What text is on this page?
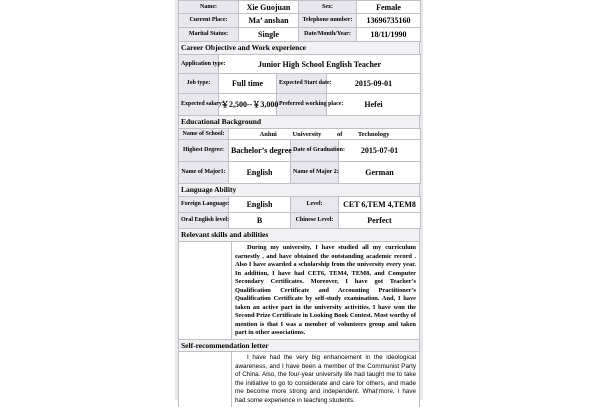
Name:	Xie Guojuan	Sex:	Female
Current Place:	Ma’ anshan	Telephone number:	13696735160
Marital Status:	Single	Date/Month/Year:	18/11/1990
Career Objective and Work experience
Application type:	Junior High School English Teacher		
Job type:	Full time	Expected Start date:	2015-09-01
Expected salary:	￥2,500--￥3,000	Preferred working place:	Hefei
Educational Background
Name of School:	Anhui University of Technology		
Highest Degree:	Bachelor’s degree	Date of Graduation:	2015-07-01
Name of Major1:	English	Name of Major 2:	German
Language Ability
Foreign Language:	English	Level:	CET 6,TEM 4,TEM8
Oral English level:	B	Chinese Level:	Perfect
Relevant skills and abilities
During my university, I have studied all my curriculum earnestly , and have obtained the outstanding academic record . Also I have awarded a scholarship from the university every year. In addition, I have had CET6, TEM4, TEM8, and Computer Secondary Certificates. Moreover, I have got Teacher’s Qualification Certificate and Accounting Practitioner’s Qualification Certificate by self-study examination. And, I have taken an active part in the university activities. I have won the Second Prize Certificate in Looking Book Contest. Most worthy of mention is that I was a member of volunteers group and taken part in other associations.
Self-recommendation letter
I have had the very big enhancement in the ideological awareness, and I have been a member of the Communist Party of China. Also, the four-year university life had taught me to take the initiative to go to considerate and care for others, and made me become more strong and independent. What’more, I have had some experience in teaching students.
